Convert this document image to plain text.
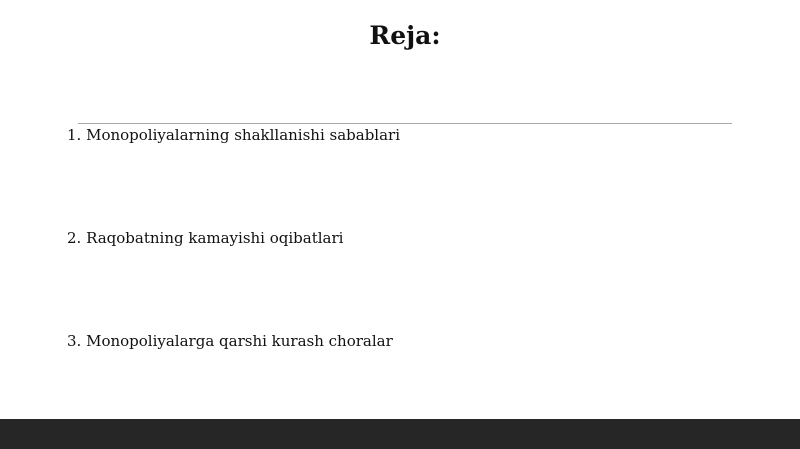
Reja:
1. Monopoliyalarning shakllanishi sabablari
2. Raqobatning kamayishi oqibatlari
3. Monopoliyalarga qarshi kurash choralar
